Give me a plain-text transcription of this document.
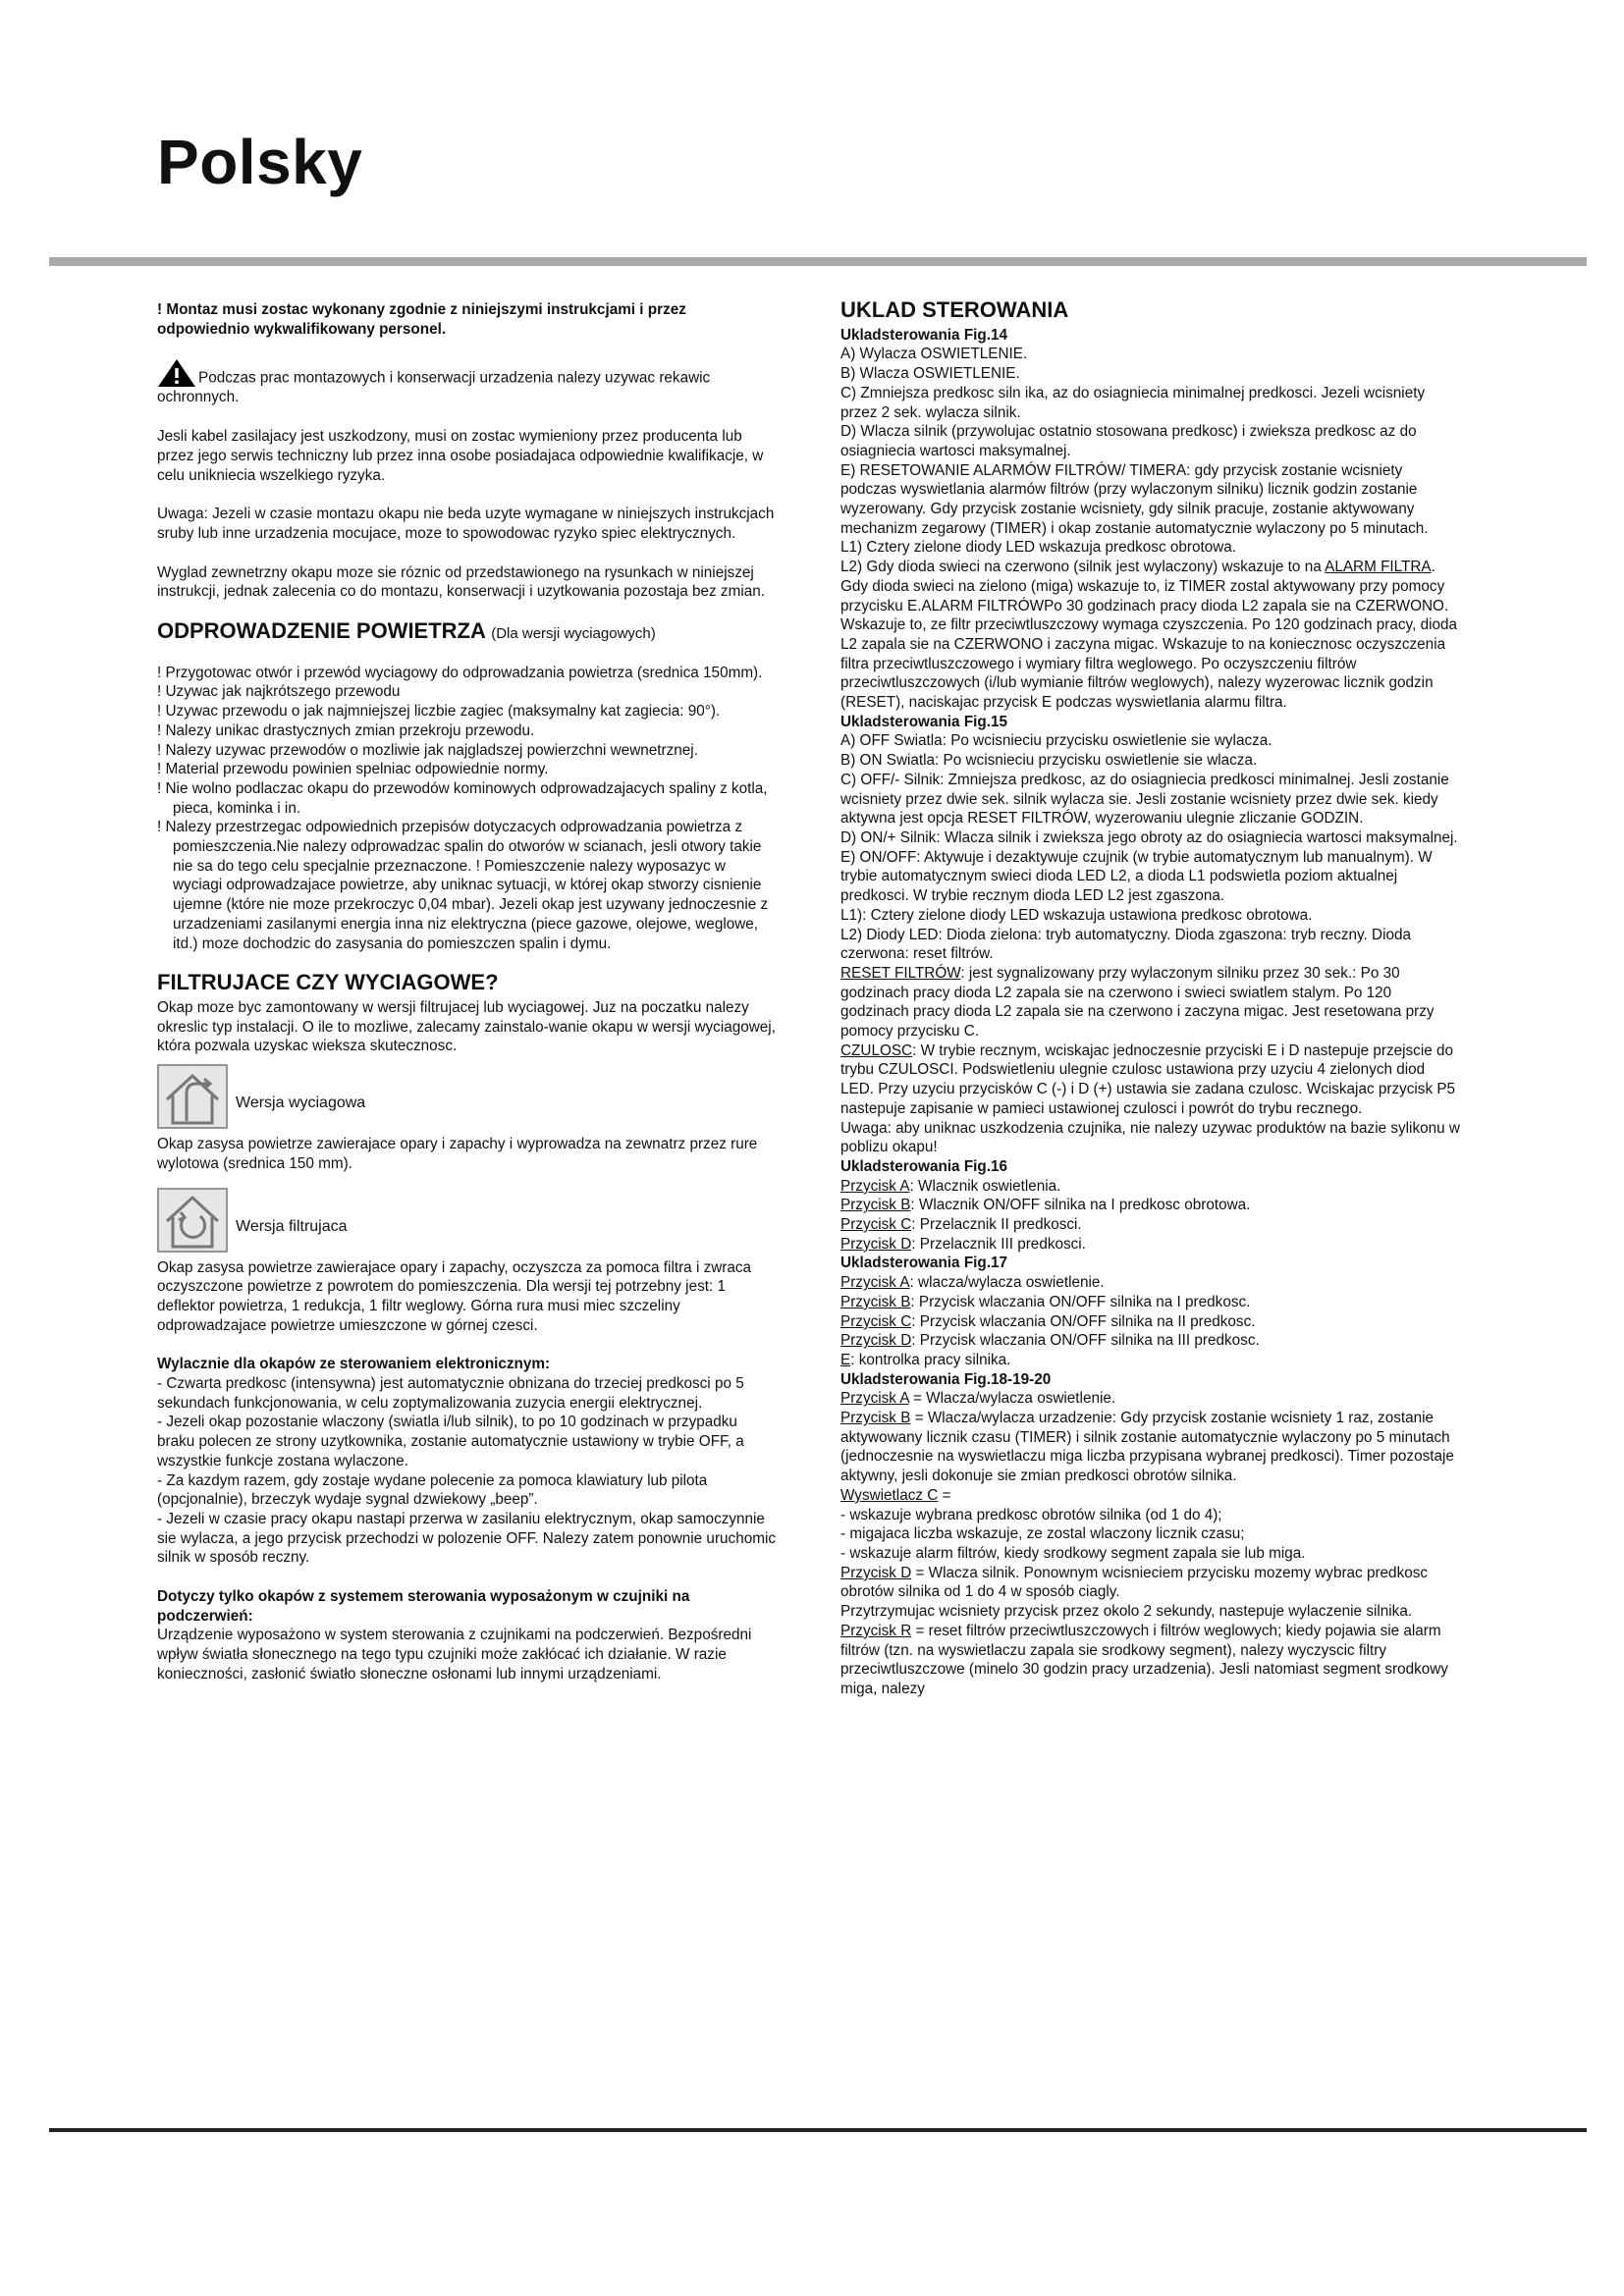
Polsky

! Montaz musi zostac wykonany zgodnie z niniejszymi instrukcjami i przez odpowiednio wykwalifikowany personel.

Podczas prac montazowych i konserwacji urzadzenia nalezy uzywac rekawic ochronnych.

Jesli kabel zasilajacy jest uszkodzony, musi on zostac wymieniony przez producenta lub przez jego serwis techniczny lub przez inna osobe posiadajaca odpowiednie kwalifikacje, w celu unikniecia wszelkiego ryzyka.

Uwaga: Jezeli w czasie montazu okapu nie beda uzyte wymagane w niniejszych instrukcjach sruby lub inne urzadzenia mocujace, moze to spowodowac ryzyko spiec elektrycznych.

Wyglad zewnetrzny okapu moze sie róznic od przedstawionego na rysunkach w niniejszej instrukcji, jednak zalecenia co do montazu, konserwacji i uzytkowania pozostaja bez zmian.

ODPROWADZENIE POWIETRZA (Dla wersji wyciagowych)
! Przygotowac otwór i przewód wyciagowy do odprowadzania powietrza (srednica 150mm).
! Uzywac jak najkrótszego przewodu
! Uzywac przewodu o jak najmniejszej liczbie zagiec (maksymalny kat zagiecia: 90°).
! Nalezy unikac drastycznych zmian przekroju przewodu.
! Nalezy uzywac przewodów o mozliwie jak najgladszej powierzchni wewnetrznej.
! Material przewodu powinien spelniac odpowiednie normy.
! Nie wolno podlaczac okapu do przewodów kominowych odprowadzajacych spaliny z kotla, pieca, kominka i in.
! Nalezy przestrzegac odpowiednich przepisów dotyczacych odprowadzania powietrza z pomieszczenia.Nie nalezy odprowadzac spalin do otworów w scianach, jesli otwory takie nie sa do tego celu specjalnie przeznaczone. ! Pomieszczenie nalezy wyposazyc w wyciagi odprowadzajace powietrze, aby uniknac sytuacji, w której okap stworzy cisnienie ujemne (które nie moze przekroczyc 0,04 mbar). Jezeli okap jest uzywany jednoczesnie z urzadzeniami zasilanymi energia inna niz elektryczna (piece gazowe, olejowe, weglowe, itd.) moze dochodzic do zasysania do pomieszczen spalin i dymu.
FILTRUJACE CZY WYCIAGOWE?

Okap moze byc zamontowany w wersji filtrujacej lub wyciagowej. Juz na poczatku nalezy okreslic typ instalacji. O ile to mozliwe, zalecamy zainstalo-wanie okapu w wersji wyciagowej, która pozwala uzyskac wieksza skutecznosc.

Wersja wyciagowa

Okap zasysa powietrze zawierajace opary i zapachy i wyprowadza na zewnatrz przez rure wylotowa (srednica 150 mm).

Wersja filtrujaca

Okap zasysa powietrze zawierajace opary i zapachy, oczyszcza za pomoca filtra i zwraca oczyszczone powietrze z powrotem do pomieszczenia. Dla wersji tej potrzebny jest: 1 deflektor powietrza, 1 redukcja, 1 filtr weglowy. Górna rura musi miec szczeliny odprowadzajace powietrze umieszczone w górnej czesci.

Wylacznie dla okapów ze sterowaniem elektronicznym:

- Czwarta predkosc (intensywna) jest automatycznie obnizana do trzeciej predkosci po 5 sekundach funkcjonowania, w celu zoptymalizowania zuzycia energii elektrycznej.

- Jezeli okap pozostanie wlaczony (swiatla i/lub silnik), to po 10 godzinach w przypadku braku polecen ze strony uzytkownika, zostanie automatycznie ustawiony w trybie OFF, a wszystkie funkcje zostana wylaczone.

- Za kazdym razem, gdy zostaje wydane polecenie za pomoca klawiatury lub pilota (opcjonalnie), brzeczyk wydaje sygnal dzwiekowy „beep”.

- Jezeli w czasie pracy okapu nastapi przerwa w zasilaniu elektrycznym, okap samoczynnie sie wylacza, a jego przycisk przechodzi w polozenie OFF. Nalezy zatem ponownie uruchomic silnik w sposób reczny.

Dotyczy tylko okapów z systemem sterowania wyposażonym w czujniki na podczerwień:

Urządzenie wyposażono w system sterowania z czujnikami na podczerwień. Bezpośredni wpływ światła słonecznego na tego typu czujniki może zakłócać ich działanie. W razie konieczności, zasłonić światło słoneczne osłonami lub innymi urządzeniami.

UKLAD STEROWANIA

Ukladsterowania Fig.14

A) Wylacza OSWIETLENIE.

B) Wlacza OSWIETLENIE.

C) Zmniejsza predkosc siln ika, az do osiagniecia minimalnej predkosci. Jezeli wcisniety przez 2 sek. wylacza silnik.

D) Wlacza silnik (przywolujac ostatnio stosowana predkosc) i zwieksza predkosc az do osiagniecia wartosci maksymalnej.

E) RESETOWANIE ALARMÓW FILTRÓW/ TIMERA: gdy przycisk zostanie wcisniety podczas wyswietlania alarmów filtrów (przy wylaczonym silniku) licznik godzin zostanie wyzerowany. Gdy przycisk zostanie wcisniety, gdy silnik pracuje, zostanie aktywowany mechanizm zegarowy (TIMER) i okap zostanie automatycznie wylaczony po 5 minutach.

L1) Cztery zielone diody LED wskazuja predkosc obrotowa.

L2) Gdy dioda swieci na czerwono (silnik jest wylaczony) wskazuje to na ALARM FILTRA. Gdy dioda swieci na zielono (miga) wskazuje to, iz TIMER zostal aktywowany przy pomocy przycisku E.ALARM FILTRÓWPo 30 godzinach pracy dioda L2 zapala sie na CZERWONO. Wskazuje to, ze filtr przeciwtluszczowy wymaga czyszczenia. Po 120 godzinach pracy, dioda L2 zapala sie na CZERWONO i zaczyna migac. Wskazuje to na koniecznosc oczyszczenia filtra przeciwtluszczowego i wymiary filtra weglowego. Po oczyszczeniu filtrów przeciwtluszczowych (i/lub wymianie filtrów weglowych), nalezy wyzerowac licznik godzin (RESET), naciskajac przycisk E podczas wyswietlania alarmu filtra.

Ukladsterowania Fig.15

A) OFF Swiatla: Po wcisnieciu przycisku oswietlenie sie wylacza.

B) ON Swiatla: Po wcisnieciu przycisku oswietlenie sie wlacza.

C) OFF/- Silnik: Zmniejsza predkosc, az do osiagniecia predkosci minimalnej. Jesli zostanie wcisniety przez dwie sek. silnik wylacza sie. Jesli zostanie wcisniety przez dwie sek. kiedy aktywna jest opcja RESET FILTRÓW, wyzerowaniu ulegnie zliczanie GODZIN.

D) ON/+ Silnik: Wlacza silnik i zwieksza jego obroty az do osiagniecia wartosci maksymalnej.

E) ON/OFF: Aktywuje i dezaktywuje czujnik (w trybie automatycznym lub manualnym). W trybie automatycznym swieci dioda LED L2, a dioda L1 podswietla poziom aktualnej predkosci. W trybie recznym dioda LED L2 jest zgaszona.

L1): Cztery zielone diody LED wskazuja ustawiona predkosc obrotowa.

L2) Diody LED: Dioda zielona: tryb automatyczny. Dioda zgaszona: tryb reczny. Dioda czerwona: reset filtrów.

RESET FILTRÓW: jest sygnalizowany przy wylaczonym silniku przez 30 sek.: Po 30 godzinach pracy dioda L2 zapala sie na czerwono i swieci swiatlem stalym. Po 120 godzinach pracy dioda L2 zapala sie na czerwono i zaczyna migac. Jest resetowana przy pomocy przycisku C.

CZULOSC: W trybie recznym, wciskajac jednoczesnie przyciski E i D nastepuje przejscie do trybu CZULOSCI. Podswietleniu ulegnie czulosc ustawiona przy uzyciu 4 zielonych diod LED. Przy uzyciu przycisków C (-) i D (+) ustawia sie zadana czulosc. Wciskajac przycisk P5 nastepuje zapisanie w pamieci ustawionej czulosci i powrót do trybu recznego.

Uwaga: aby uniknac uszkodzenia czujnika, nie nalezy uzywac produktów na bazie sylikonu w poblizu okapu!

Ukladsterowania Fig.16

Przycisk A: Wlacznik oswietlenia.

Przycisk B: Wlacznik ON/OFF silnika na I predkosc obrotowa.

Przycisk C: Przelacznik II predkosci.

Przycisk D: Przelacznik III predkosci.

Ukladsterowania Fig.17

Przycisk A: wlacza/wylacza oswietlenie.

Przycisk B: Przycisk wlaczania ON/OFF silnika na I predkosc.

Przycisk C: Przycisk wlaczania ON/OFF silnika na II predkosc.

Przycisk D: Przycisk wlaczania ON/OFF silnika na III predkosc.

E: kontrolka pracy silnika.

Ukladsterowania Fig.18-19-20

Przycisk A = Wlacza/wylacza oswietlenie.

Przycisk B = Wlacza/wylacza urzadzenie: Gdy przycisk zostanie wcisniety 1 raz, zostanie aktywowany licznik czasu (TIMER) i silnik zostanie automatycznie wylaczony po 5 minutach (jednoczesnie na wyswietlaczu miga liczba przypisana wybranej predkosci). Timer pozostaje aktywny, jesli dokonuje sie zmian predkosci obrotów silnika.

Wyswietlacz C =

- wskazuje wybrana predkosc obrotów silnika (od 1 do 4);

- migajaca liczba wskazuje, ze zostal wlaczony licznik czasu;

- wskazuje alarm filtrów, kiedy srodkowy segment zapala sie lub miga.

Przycisk D = Wlacza silnik. Ponownym wcisnieciem przycisku mozemy wybrac predkosc obrotów silnika od 1 do 4 w sposób ciagly.

Przytrzymujac wcisniety przycisk przez okolo 2 sekundy, nastepuje wylaczenie silnika.

Przycisk R = reset filtrów przeciwtluszczowych i filtrów weglowych; kiedy pojawia sie alarm filtrów (tzn. na wyswietlaczu zapala sie srodkowy segment), nalezy wyczyscic filtry przeciwtluszczowe (minelo 30 godzin pracy urzadzenia). Jesli natomiast segment srodkowy miga, nalezy
